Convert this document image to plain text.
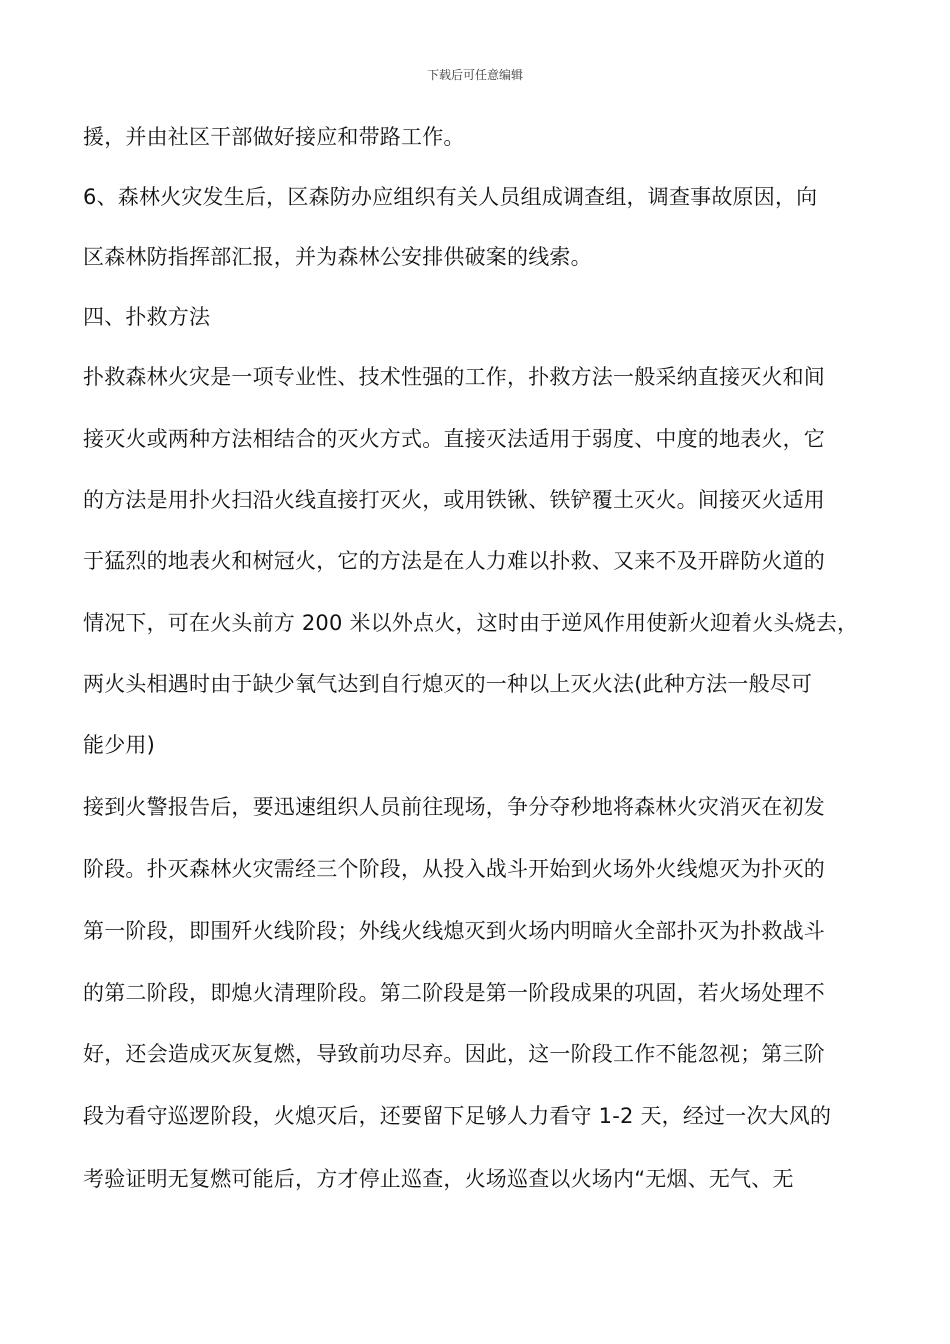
下载后可任意编辑
援，并由社区干部做好接应和带路工作。
6、森林火灾发生后，区森防办应组织有关人员组成调查组，调查事故原因，向
区森林防指挥部汇报，并为森林公安排供破案的线索。
四、扑救方法
扑救森林火灾是一项专业性、技术性强的工作，扑救方法一般采纳直接灭火和间
接灭火或两种方法相结合的灭火方式。直接灭法适用于弱度、中度的地表火，它
的方法是用扑火扫沿火线直接打灭火，或用铁锹、铁铲覆土灭火。间接灭火适用
于猛烈的地表火和树冠火，它的方法是在人力难以扑救、又来不及开辟防火道的
情况下，可在火头前方 200 米以外点火，这时由于逆风作用使新火迎着火头烧去，
两火头相遇时由于缺少氧气达到自行熄灭的一种以上灭火法(此种方法一般尽可
能少用)
接到火警报告后，要迅速组织人员前往现场，争分夺秒地将森林火灾消灭在初发
阶段。扑灭森林火灾需经三个阶段，从投入战斗开始到火场外火线熄灭为扑灭的
第一阶段，即围歼火线阶段；外线火线熄灭到火场内明暗火全部扑灭为扑救战斗
的第二阶段，即熄火清理阶段。第二阶段是第一阶段成果的巩固，若火场处理不
好，还会造成灭灰复燃，导致前功尽弃。因此，这一阶段工作不能忽视；第三阶
段为看守巡逻阶段，火熄灭后，还要留下足够人力看守 1-2 天，经过一次大风的
考验证明无复燃可能后，方才停止巡查，火场巡查以火场内“无烟、无气、无
